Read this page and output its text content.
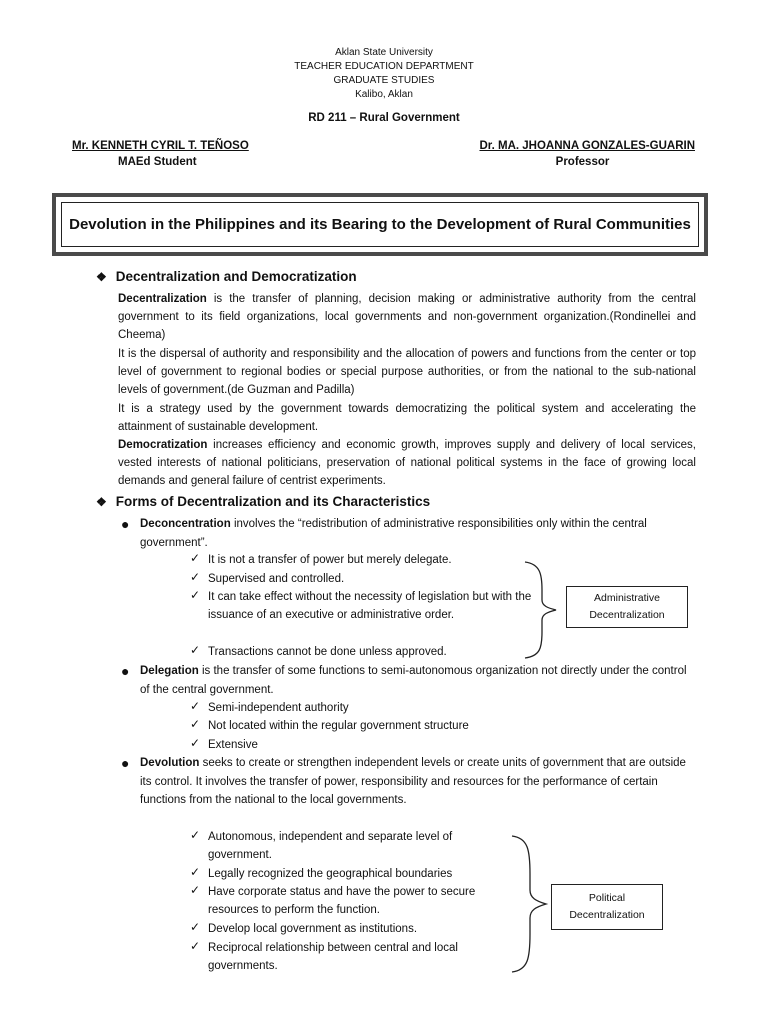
Aklan State University
TEACHER EDUCATION DEPARTMENT
GRADUATE STUDIES
Kalibo, Aklan
RD 211 – Rural Government
Mr. KENNETH CYRIL T. TEÑOSO
MAEd Student
Dr. MA. JHOANNA GONZALES-GUARIN
Professor
Devolution in the Philippines and its Bearing to the Development of Rural Communities
❖ Decentralization and Democratization
Decentralization is the transfer of planning, decision making or administrative authority from the central government to its field organizations, local governments and non-government organization.(Rondinellei and Cheema)
It is the dispersal of authority and responsibility and the allocation of powers and functions from the center or top level of government to regional bodies or special purpose authorities, or from the national to the sub-national levels of government.(de Guzman and Padilla)
It is a strategy used by the government towards democratizing the political system and accelerating the attainment of sustainable development.
Democratization increases efficiency and economic growth, improves supply and delivery of local services, vested interests of national politicians, preservation of national political systems in the face of growing local demands and general failure of centrist experiments.
❖ Forms of Decentralization and its Characteristics
● Deconcentration involves the “redistribution of administrative responsibilities only within the central government”.
✓ It is not a transfer of power but merely delegate.
✓ Supervised and controlled.
✓ It can take effect without the necessity of legislation but with the issuance of an executive or administrative order.
✓ Transactions cannot be done unless approved.
Administrative
Decentralization
● Delegation is the transfer of some functions to semi-autonomous organization not directly under the control of the central government.
✓ Semi-independent authority
✓ Not located within the regular government structure
✓ Extensive
● Devolution seeks to create or strengthen independent levels or create units of government that are outside its control. It involves the transfer of power, responsibility and resources for the performance of certain functions from the national to the local governments.
✓ Autonomous, independent and separate level of government.
✓ Legally recognized the geographical boundaries
✓ Have corporate status and have the power to secure resources to perform the function.
✓ Develop local government as institutions.
✓ Reciprocal relationship between central and local governments.
Political
Decentralization
